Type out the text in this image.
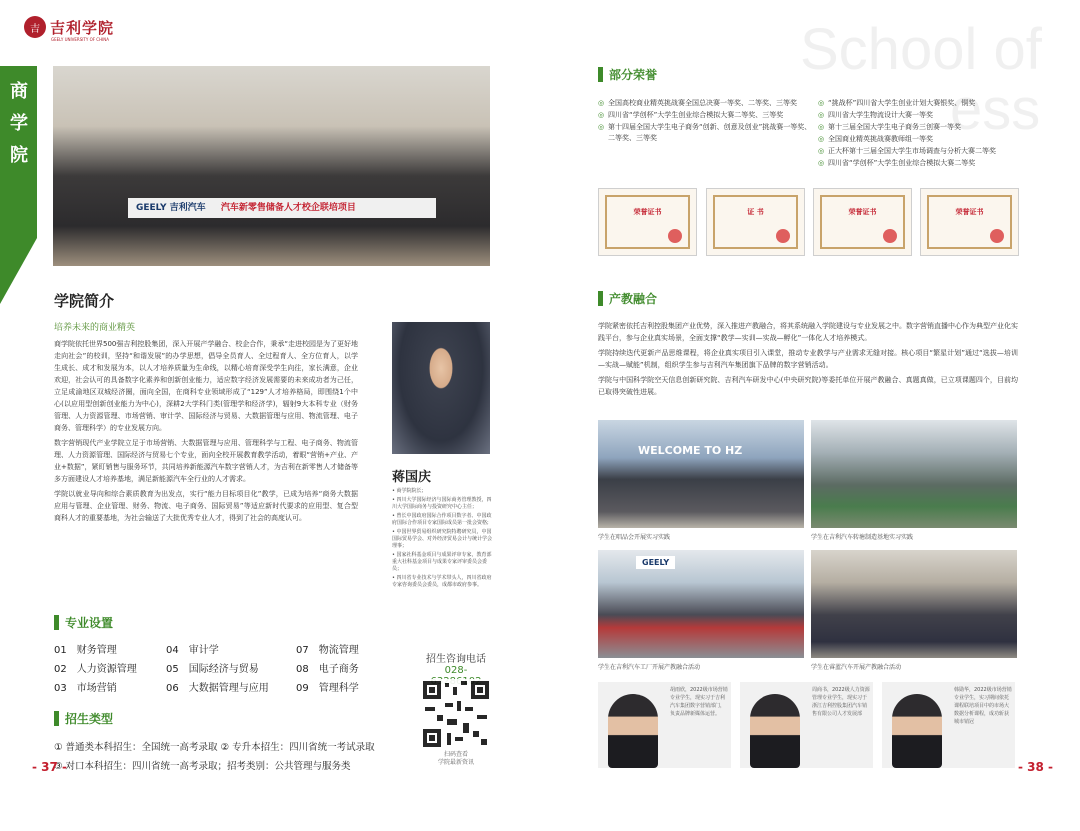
吉 吉利学院
GEELY UNIVERSITY OF CHINA
商学院
GEELY 吉利汽车 汽车新零售储备人才校企联培项目
学院简介
培养未来的商业精英

商学院依托世界500强吉利控股集团，深入开展产学融合、校企合作，秉承“走进校园是为了更好地走向社会”的校训，坚持“和谐发展”的办学思想，倡导全员育人、全过程育人、全方位育人，以学生成长、成才和发展为本，以人才培养质量为生命线，以精心培育深受学生向往，家长满意，企业欢迎，社会认可的具备数字化素养和创新创业能力，适应数字经济发展需要的未来成功者为己任，立足成渝地区双城经济圈，面向全国，在商科专业领域形成了“129”人才培养格局，即围绕1个中心(以应用型创新创业能力为中心)，深耕2大学科门类(管理学和经济学)，辐射9大本科专业（财务管理、人力资源管理、市场营销、审计学、国际经济与贸易、大数据管理与应用、物流管理、电子商务、管理科学）的专业发展方向。

数字营销现代产业学院立足于市场营销、大数据管理与应用、管理科学与工程、电子商务、物流管理、人力资源管理、国际经济与贸易七个专业，面向全校开展教育教学活动，着眼“营销+产业、产业+数据”，紧盯销售与服务环节，共同培养新能源汽车数字营销人才，为吉利在新零售人才储备等多方面建设人才培养基地，满足新能源汽车全行业的人才需求。

学院以就业导向和综合素质教育为出发点，实行“能力目标项目化”教学，已成为培养“商务大数据应用与管理、企业管理、财务、物流、电子商务、国际贸易”等适应新时代要求的应用型、复合型商科人才的重要基地，为社会输送了大批优秀专业人才，得到了社会的高度认可。

蒋国庆
• 商学院院长；
• 四川大学国际经济与国际商务管理教授，四川大学国际商务与投资研究中心主任；
• 曾长中国政府国际合作项目数字者、中国政府国际合作项目专家国际成员第一批会资格;
• 中国世界贸易组织研究院特聘研究员，中国国际贸易学会、对外经济贸易会计与统计学会理事；
• 国家社科基金项目与成果评审专家，教育部重大社科基金项目与成果专家评审委员会委员；
• 四川省专业技术与学术带头人，四川省政府专家咨询委员会委员，成都市政府参事。
专业设置
01 财务管理	04 审计学	07 物流管理
02 人力资源管理	05 国际经济与贸易	08 电子商务
03 市场营销	06 大数据管理与应用	09 管理科学
招生类型
① 普通类本科招生：全国统一高考录取 ② 专升本招生：四川省统一考试录取
③ 对口本科招生：四川省统一高考录取；招考类别：公共管理与服务类
招生咨询电话
028-
扫码查看
学院最新资讯
- 37 -
School of
ess
部分荣誉
◎ 全国高校商业精英挑战赛全国总决赛一等奖、二等奖、三等奖
◎ 四川省“学创杯”大学生创业综合模拟大赛二等奖、三等奖
◎ 第十四届全国大学生电子商务“创新、创意及创业”挑战赛一等奖、二等奖、三等奖
◎ “挑战杯”四川省大学生创业计划大赛银奖、铜奖
◎ 四川省大学生物流设计大赛一等奖
◎ 第十三届全国大学生电子商务三创赛一等奖
◎ 全国商业精英挑战赛教师组一等奖
◎ 正大杯第十三届全国大学生市场调查与分析大赛二等奖
◎ 四川省“学创杯”大学生创业综合模拟大赛二等奖
荣誉证书	证 书	荣誉证书	荣誉证书
产教融合

学院紧密依托吉利控股集团产业优势，深入推进产教融合，将其系统融入学院建设与专业发展之中。数字营销直播中心作为典型产业化实践平台，参与企业真实场景，全面支撑“教学—实训—实战—孵化”一体化人才培养模式。

学院持续迭代更新产品思维课程，将企业真实项目引入课堂，推动专业教学与产业需求无缝对接。核心项目“繁星计划”通过“选拔—培训—实战—赋能”机制，组织学生参与吉利汽车集团旗下品牌的数字营销活动。

学院与中国科学院空天信息创新研究院、吉利汽车研发中心(中央研究院)等委托单位开展产教融合、真题真做，已立项课题四个，目前均已取得突破性进展。

WELCOME TO HZ
学生在唱品会开展实习实践	学生在吉利汽车转塘制造基地实习实践
GEELY
学生在吉利汽车工厂开展产教融合活动	学生在睿蓝汽车开展产教融合活动
胡雨欣，2022级市场营销专业学生，现实习于吉利汽车集团数字营销部门，负责品牌新媒体运营。
周商书，2022级人力资源管理专业学生，现实习于浙江吉利控股集团汽车销售有限公司人才发展部
韩勋华，2022级市场营销专业学生，实习期间依托课程联培项目中的市场大数据分析课程，成功斩获城市销冠
- 38 -
